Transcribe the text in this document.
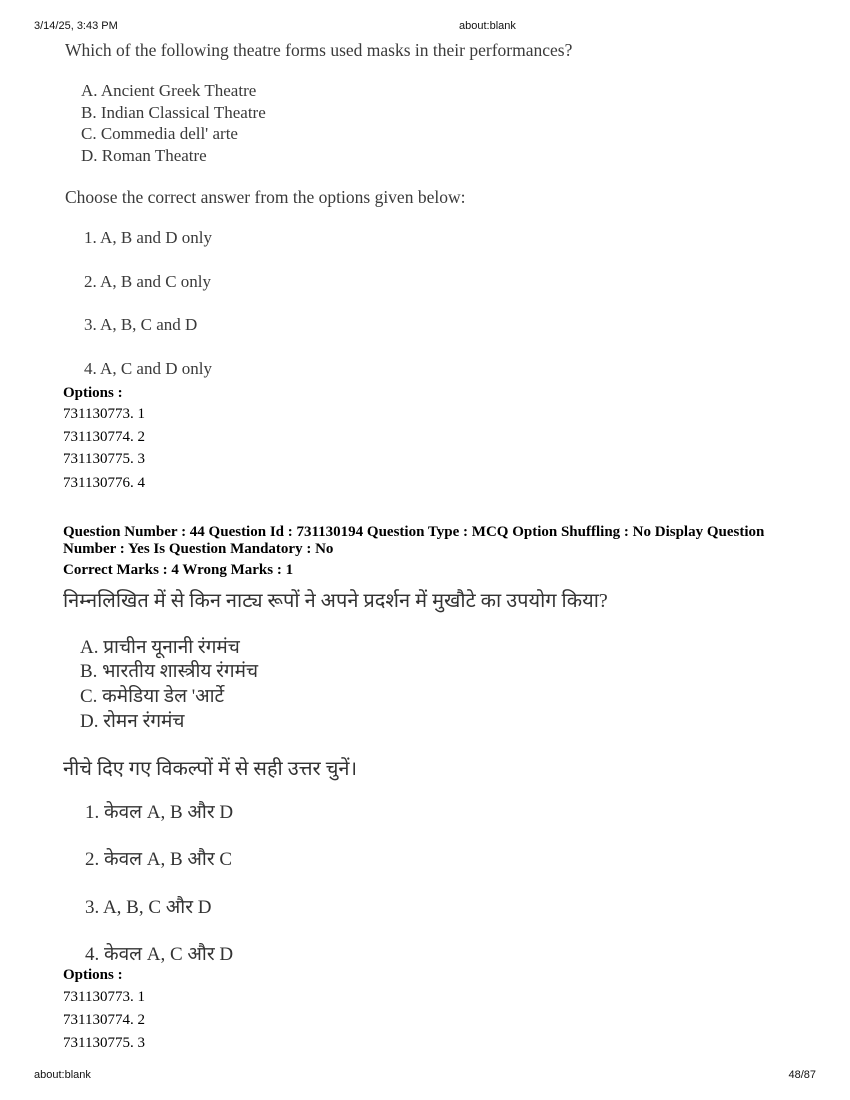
3/14/25, 3:43 PM	about:blank
Which of the following theatre forms used masks in their performances?
A. Ancient Greek Theatre
B. Indian Classical Theatre
C. Commedia dell' arte
D. Roman Theatre
Choose the correct answer from the options given below:
1. A, B and D only
2. A, B and C only
3. A, B, C and D
4. A, C and D only
Options :
731130773. 1
731130774. 2
731130775. 3
731130776. 4
Question Number : 44 Question Id : 731130194 Question Type : MCQ Option Shuffling : No Display Question
Number : Yes Is Question Mandatory : No
Correct Marks : 4 Wrong Marks : 1
निम्नलिखित में से किन नाट्य रूपों ने अपने प्रदर्शन में मुखौटे का उपयोग किया?
A. प्राचीन यूनानी रंगमंच
B. भारतीय शास्त्रीय रंगमंच
C. कमेडिया डेल 'आर्टे
D. रोमन रंगमंच
नीचे दिए गए विकल्पों में से सही उत्तर चुनें।
1. केवल A, B और D
2. केवल A, B और C
3. A, B, C और D
4. केवल A, C और D
Options :
731130773. 1
731130774. 2
731130775. 3
about:blank	48/87
